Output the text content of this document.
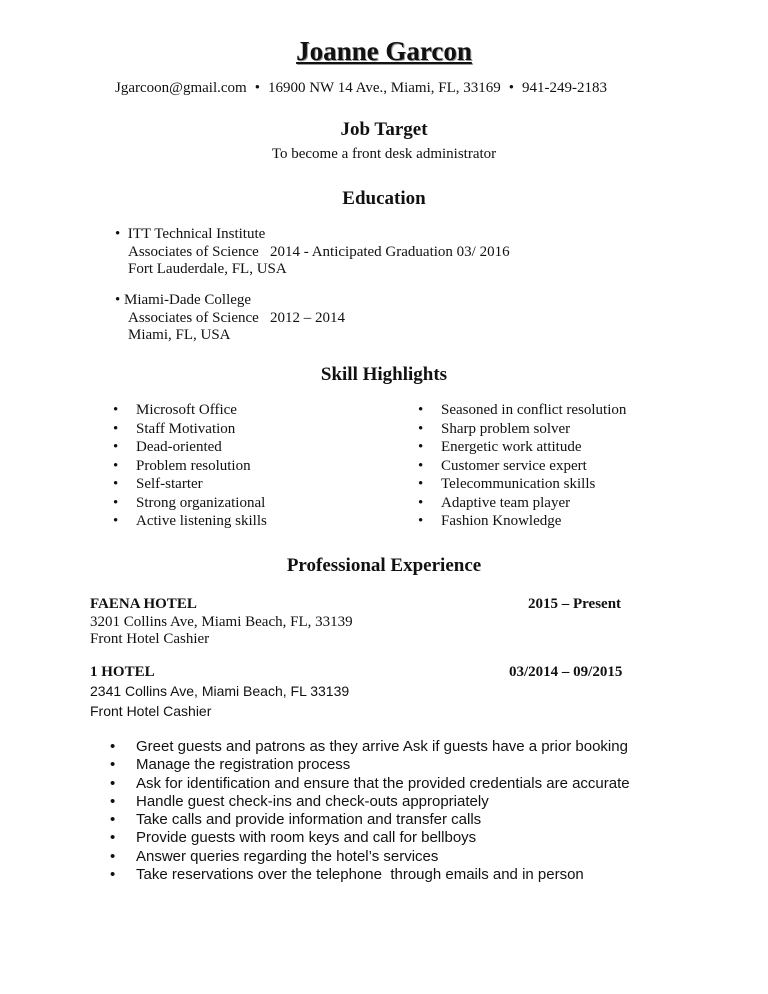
Joanne Garcon
Jgarcoon@gmail.com • 16900 NW 14 Ave., Miami, FL, 33169 • 941-249-2183
Job Target
To become a front desk administrator
Education
• ITT Technical Institute
Associates of Science   2014 - Anticipated Graduation 03/ 2016
Fort Lauderdale, FL, USA
• Miami-Dade College
Associates of Science   2012 – 2014
Miami, FL, USA
Skill Highlights
• Microsoft Office
• Staff Motivation
• Dead-oriented
• Problem resolution
• Self-starter
• Strong organizational
• Active listening skills
• Seasoned in conflict resolution
• Sharp problem solver
• Energetic work attitude
• Customer service expert
• Telecommunication skills
• Adaptive team player
• Fashion Knowledge
Professional Experience
FAENA HOTEL	2015 – Present
3201 Collins Ave, Miami Beach, FL, 33139
Front Hotel Cashier
1 HOTEL	03/2014 – 09/2015
2341 Collins Ave, Miami Beach, FL 33139
Front Hotel Cashier
• Greet guests and patrons as they arrive Ask if guests have a prior booking
• Manage the registration process
• Ask for identification and ensure that the provided credentials are accurate
• Handle guest check-ins and check-outs appropriately
• Take calls and provide information and transfer calls
• Provide guests with room keys and call for bellboys
• Answer queries regarding the hotel’s services
• Take reservations over the telephone  through emails and in person
